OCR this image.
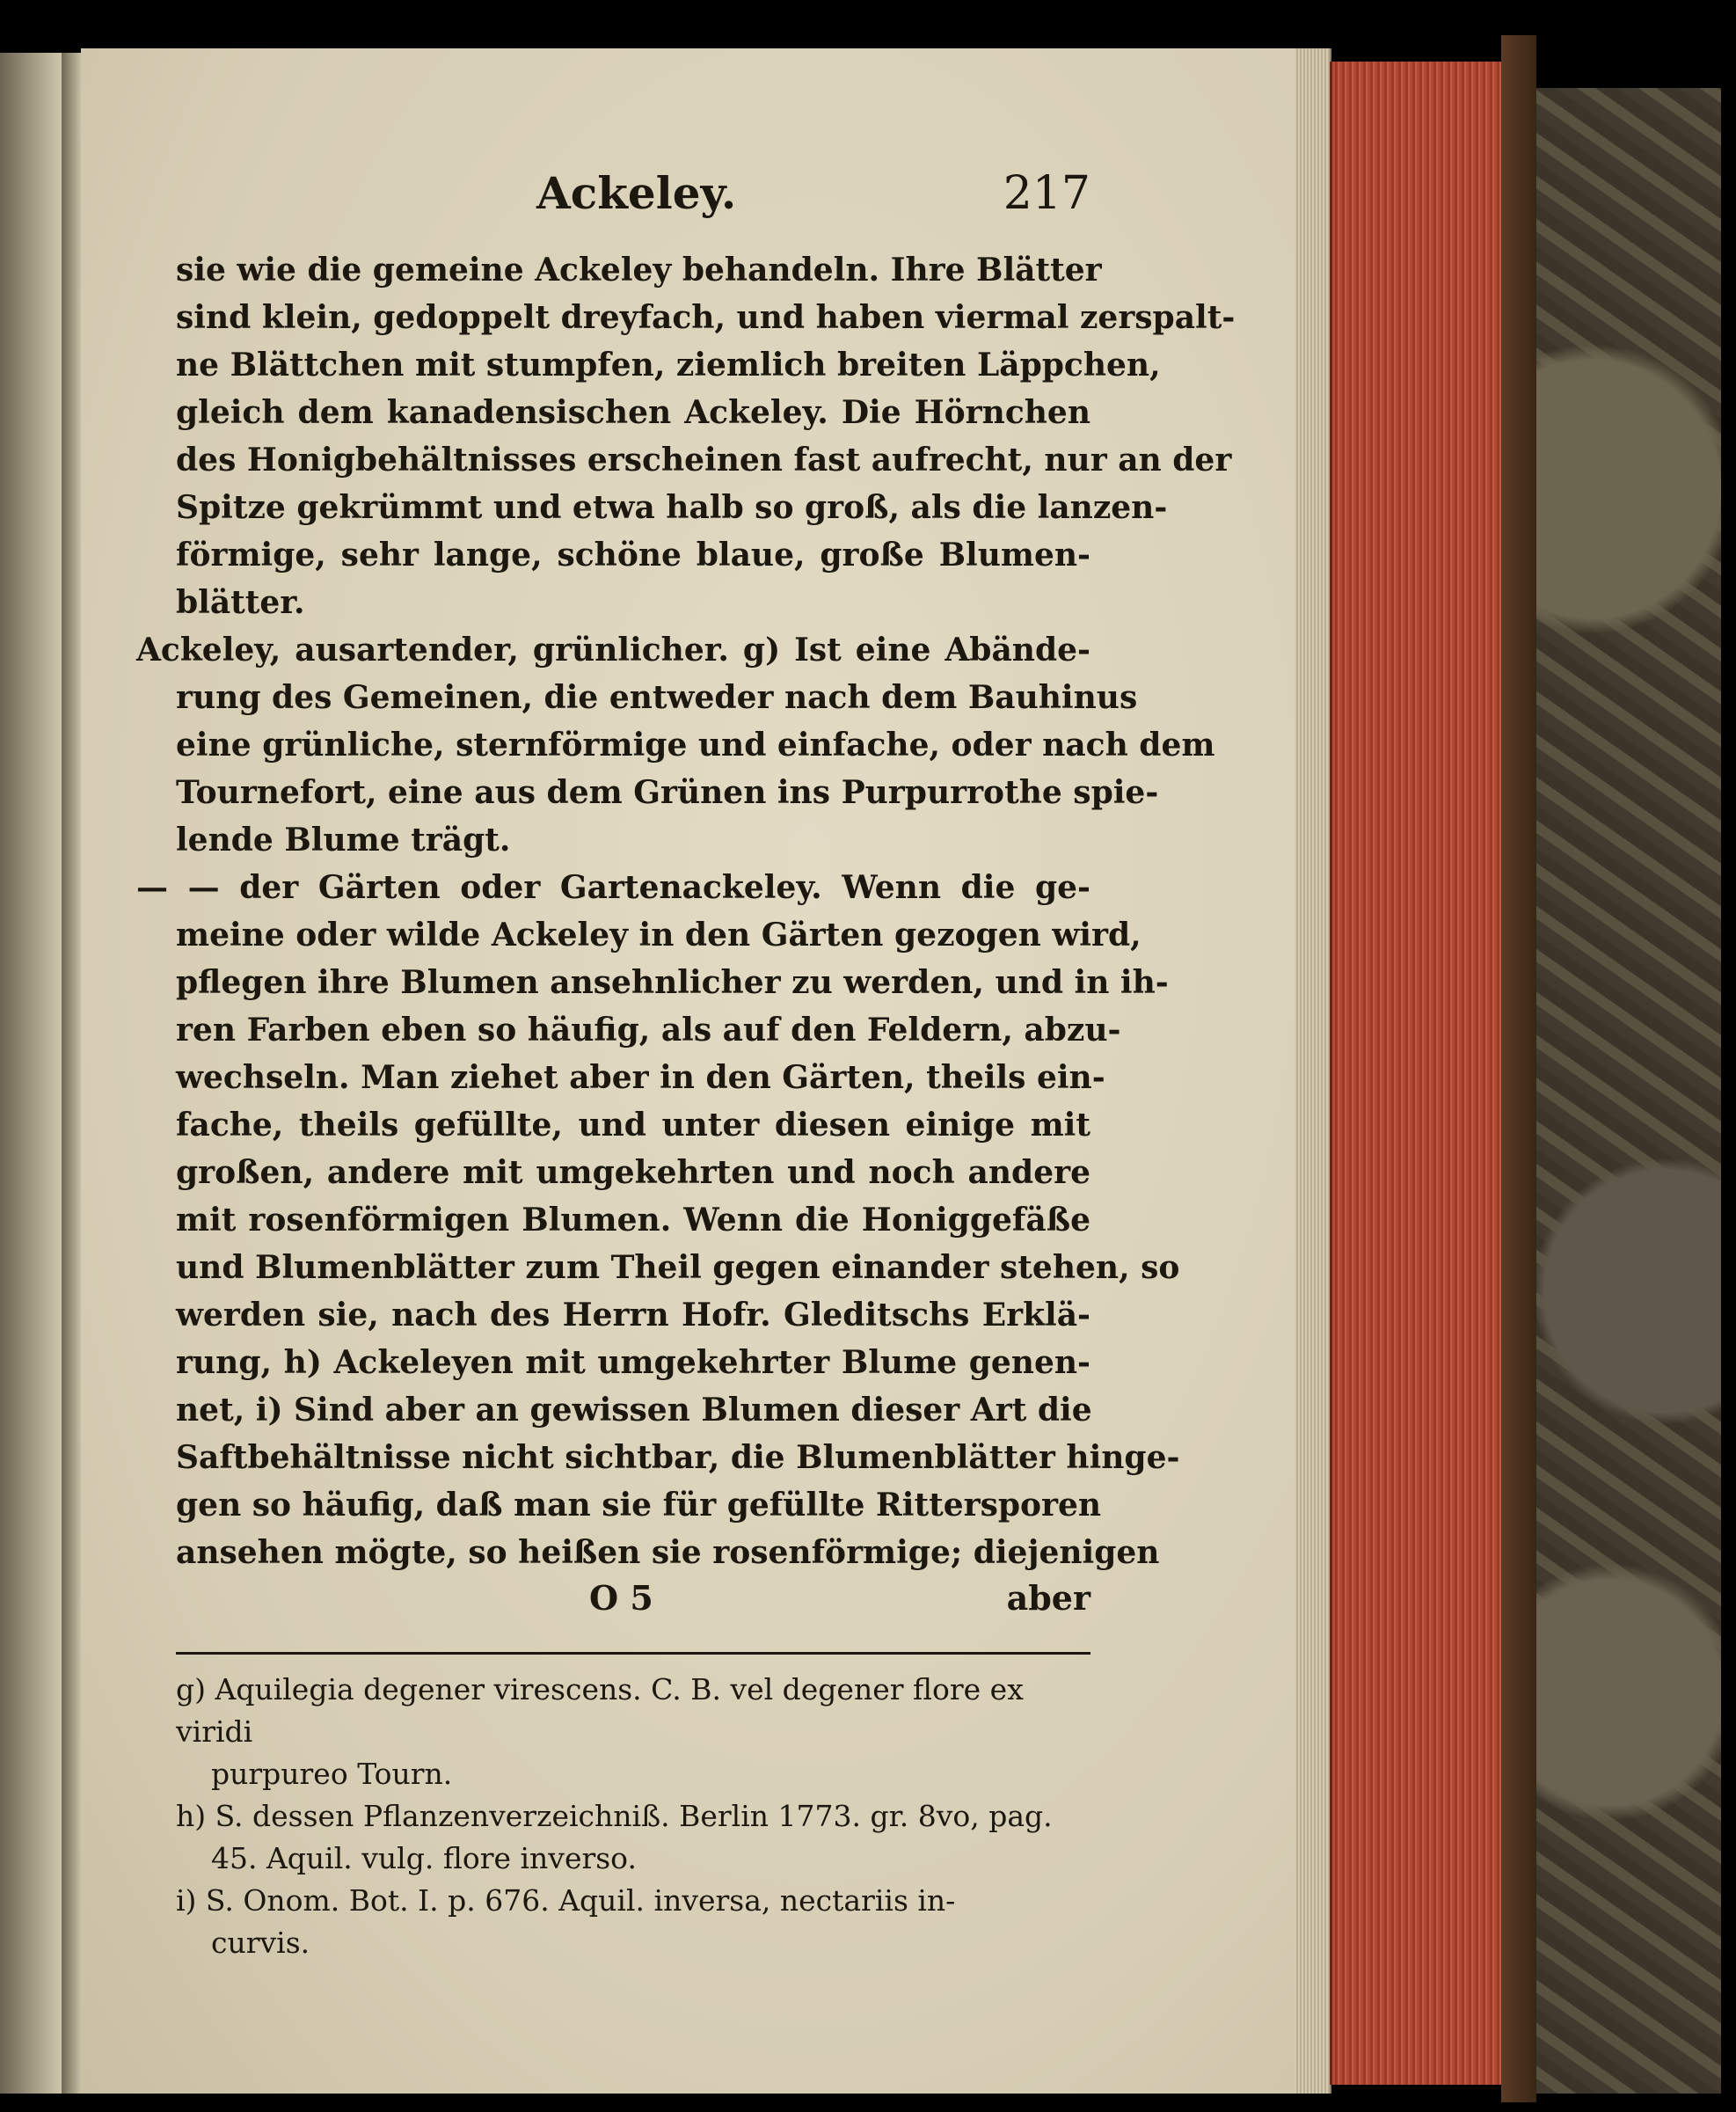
Ackeley.	217
sie wie die gemeine Ackeley behandeln. Ihre Blätter
sind klein, gedoppelt dreyfach, und haben viermal zerspalt-
ne Blättchen mit stumpfen, ziemlich breiten Läppchen,
gleich dem kanadensischen Ackeley. Die Hörnchen
des Honigbehältnisses erscheinen fast aufrecht, nur an der
Spitze gekrümmt und etwa halb so groß, als die lanzen-
förmige, sehr lange, schöne blaue, große Blumen-
blätter.
Ackeley, ausartender, grünlicher. g) Ist eine Abände-
rung des Gemeinen, die entweder nach dem Bauhinus
eine grünliche, sternförmige und einfache, oder nach dem
Tournefort, eine aus dem Grünen ins Purpurrothe spie-
lende Blume trägt.
— — der Gärten oder Gartenackeley. Wenn die ge-
meine oder wilde Ackeley in den Gärten gezogen wird,
pflegen ihre Blumen ansehnlicher zu werden, und in ih-
ren Farben eben so häufig, als auf den Feldern, abzu-
wechseln. Man ziehet aber in den Gärten, theils ein-
fache, theils gefüllte, und unter diesen einige mit
großen, andere mit umgekehrten und noch andere
mit rosenförmigen Blumen. Wenn die Honiggefäße
und Blumenblätter zum Theil gegen einander stehen, so
werden sie, nach des Herrn Hofr. Gleditschs Erklä-
rung, h) Ackeleyen mit umgekehrter Blume genen-
net, i) Sind aber an gewissen Blumen dieser Art die
Saftbehältnisse nicht sichtbar, die Blumenblätter hinge-
gen so häufig, daß man sie für gefüllte Rittersporen
ansehen mögte, so heißen sie rosenförmige; diejenigen
O 5	aber
g) Aquilegia degener virescens. C. B. vel degener flore ex viridi
purpureo Tourn.
h) S. dessen Pflanzenverzeichniß. Berlin 1773. gr. 8vo, pag.
45. Aquil. vulg. flore inverso.
i) S. Onom. Bot. I. p. 676. Aquil. inversa, nectariis in-
curvis.
